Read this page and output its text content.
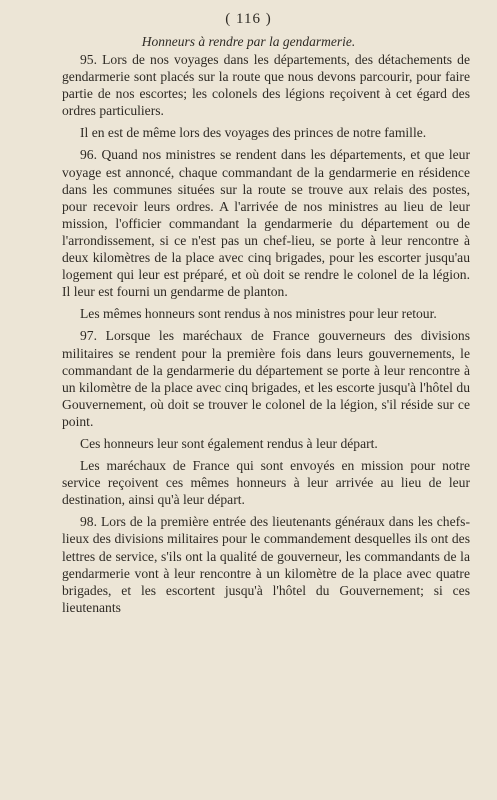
( 116 )
Honneurs à rendre par la gendarmerie.

95. Lors de nos voyages dans les départements, des détachements de gendarmerie sont placés sur la route que nous devons parcourir, pour faire partie de nos escortes; les colonels des légions reçoivent à cet égard des ordres particuliers.

Il en est de même lors des voyages des princes de notre famille.

96. Quand nos ministres se rendent dans les départements, et que leur voyage est annoncé, chaque commandant de la gendarmerie en résidence dans les communes situées sur la route se trouve aux relais des postes, pour recevoir leurs ordres. A l'arrivée de nos ministres au lieu de leur mission, l'officier commandant la gendarmerie du département ou de l'arrondissement, si ce n'est pas un chef-lieu, se porte à leur rencontre à deux kilomètres de la place avec cinq brigades, pour les escorter jusqu'au logement qui leur est préparé, et où doit se rendre le colonel de la légion. Il leur est fourni un gendarme de planton.

Les mêmes honneurs sont rendus à nos ministres pour leur retour.

97. Lorsque les maréchaux de France gouverneurs des divisions militaires se rendent pour la première fois dans leurs gouvernements, le commandant de la gendarmerie du département se porte à leur rencontre à un kilomètre de la place avec cinq brigades, et les escorte jusqu'à l'hôtel du Gouvernement, où doit se trouver le colonel de la légion, s'il réside sur ce point.

Ces honneurs leur sont également rendus à leur départ.

Les maréchaux de France qui sont envoyés en mission pour notre service reçoivent ces mêmes honneurs à leur arrivée au lieu de leur destination, ainsi qu'à leur départ.

98. Lors de la première entrée des lieutenants généraux dans les chefs-lieux des divisions militaires pour le commandement desquelles ils ont des lettres de service, s'ils ont la qualité de gouverneur, les commandants de la gendarmerie vont à leur rencontre à un kilomètre de la place avec quatre brigades, et les escortent jusqu'à l'hôtel du Gouvernement; si ces lieutenants
